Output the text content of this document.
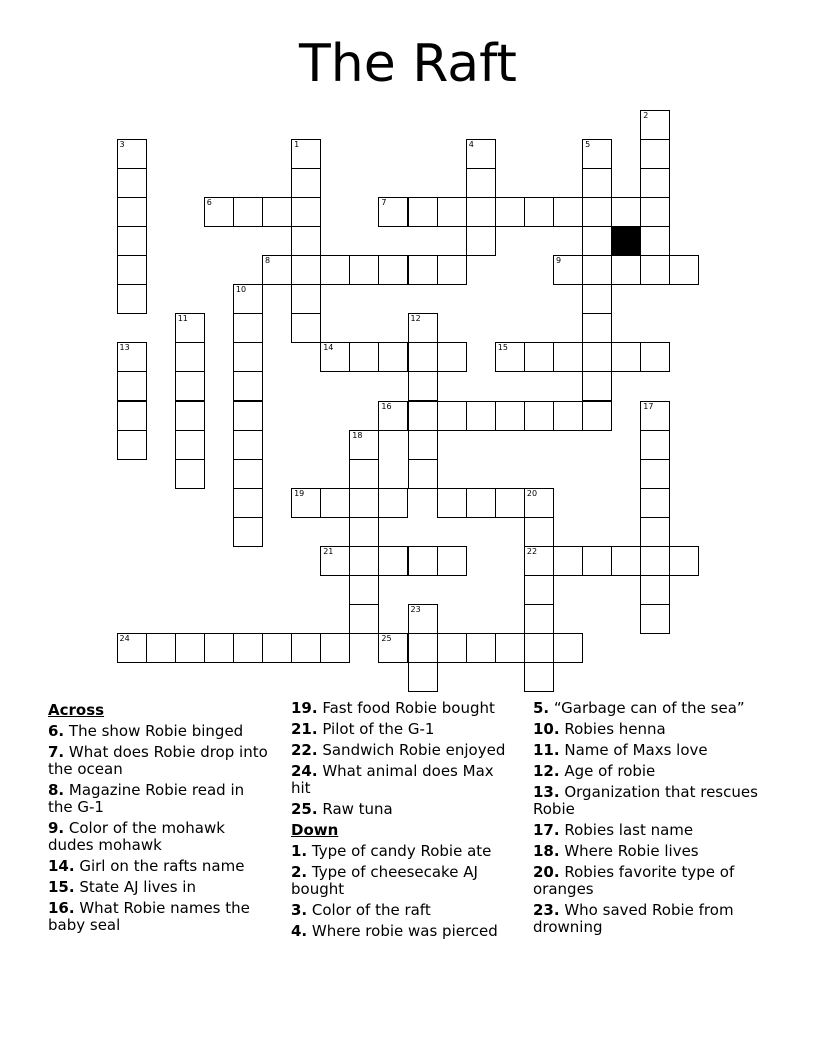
The Raft
1
2
3	4	5
6	7
8	9
10
11	12
13	14	15
16	17
18
19	20
22
21
23
24	25
Across
6. The show Robie binged
7. What does Robie drop into the ocean
8. Magazine Robie read in the G-1
9. Color of the mohawk dudes mohawk
14. Girl on the rafts name
15. State AJ lives in
16. What Robie names the baby seal
19. Fast food Robie bought
21. Pilot of the G-1
22. Sandwich Robie enjoyed
24. What animal does Max hit
25. Raw tuna
Down
1. Type of candy Robie ate
2. Type of cheesecake AJ bought
3. Color of the raft
4. Where robie was pierced
5. “Garbage can of the sea”
10. Robies henna
11. Name of Maxs love
12. Age of robie
13. Organization that rescues Robie
17. Robies last name
18. Where Robie lives
20. Robies favorite type of oranges
23. Who saved Robie from drowning
